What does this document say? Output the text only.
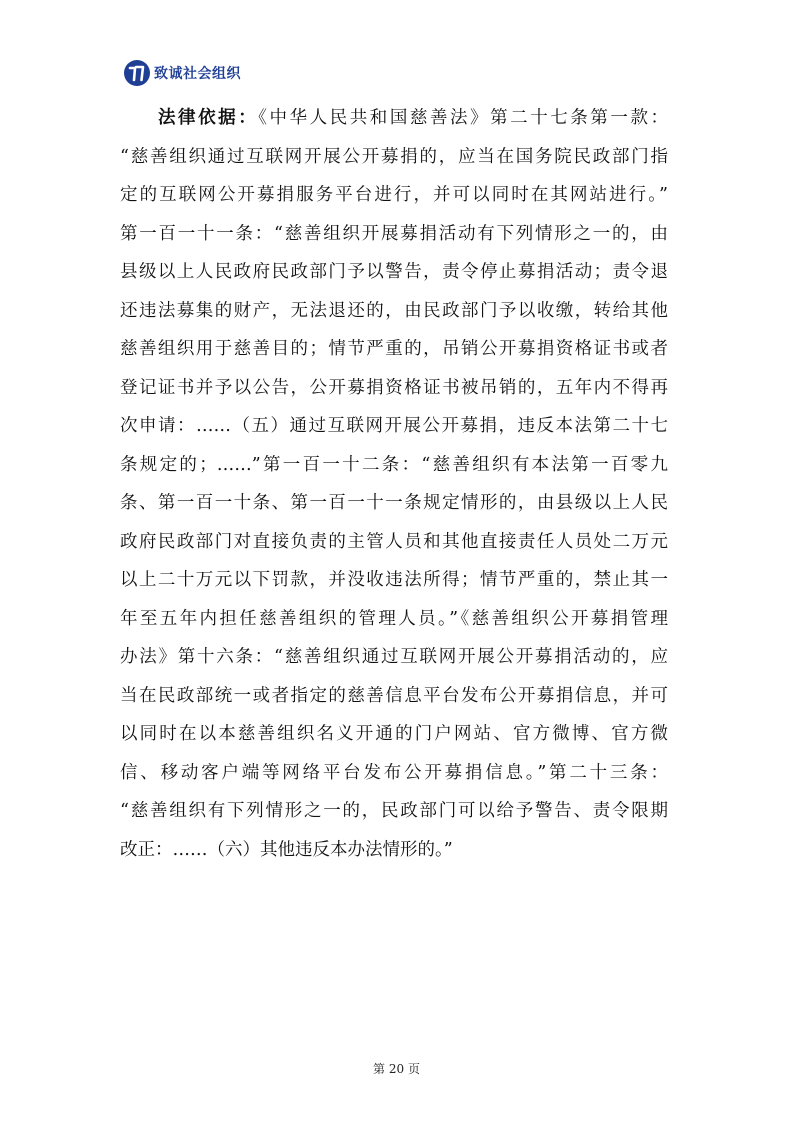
致诚社会组织

法律依据：《中华人民共和国慈善法》第二十七条第一款：

“慈善组织通过互联网开展公开募捐的，应当在国务院民政部门指

定的互联网公开募捐服务平台进行，并可以同时在其网站进行。”

第一百一十一条：“慈善组织开展募捐活动有下列情形之一的，由

县级以上人民政府民政部门予以警告，责令停止募捐活动；责令退

还违法募集的财产，无法退还的，由民政部门予以收缴，转给其他

慈善组织用于慈善目的；情节严重的，吊销公开募捐资格证书或者

登记证书并予以公告，公开募捐资格证书被吊销的，五年内不得再

次申请：……（五）通过互联网开展公开募捐，违反本法第二十七

条规定的；……”第一百一十二条：“慈善组织有本法第一百零九

条、第一百一十条、第一百一十一条规定情形的，由县级以上人民

政府民政部门对直接负责的主管人员和其他直接责任人员处二万元

以上二十万元以下罚款，并没收违法所得；情节严重的，禁止其一

年至五年内担任慈善组织的管理人员。”《慈善组织公开募捐管理

办法》第十六条：“慈善组织通过互联网开展公开募捐活动的，应

当在民政部统一或者指定的慈善信息平台发布公开募捐信息，并可

以同时在以本慈善组织名义开通的门户网站、官方微博、官方微

信、移动客户端等网络平台发布公开募捐信息。”第二十三条：

“慈善组织有下列情形之一的，民政部门可以给予警告、责令限期

改正：……（六）其他违反本办法情形的。”

第 20 页
